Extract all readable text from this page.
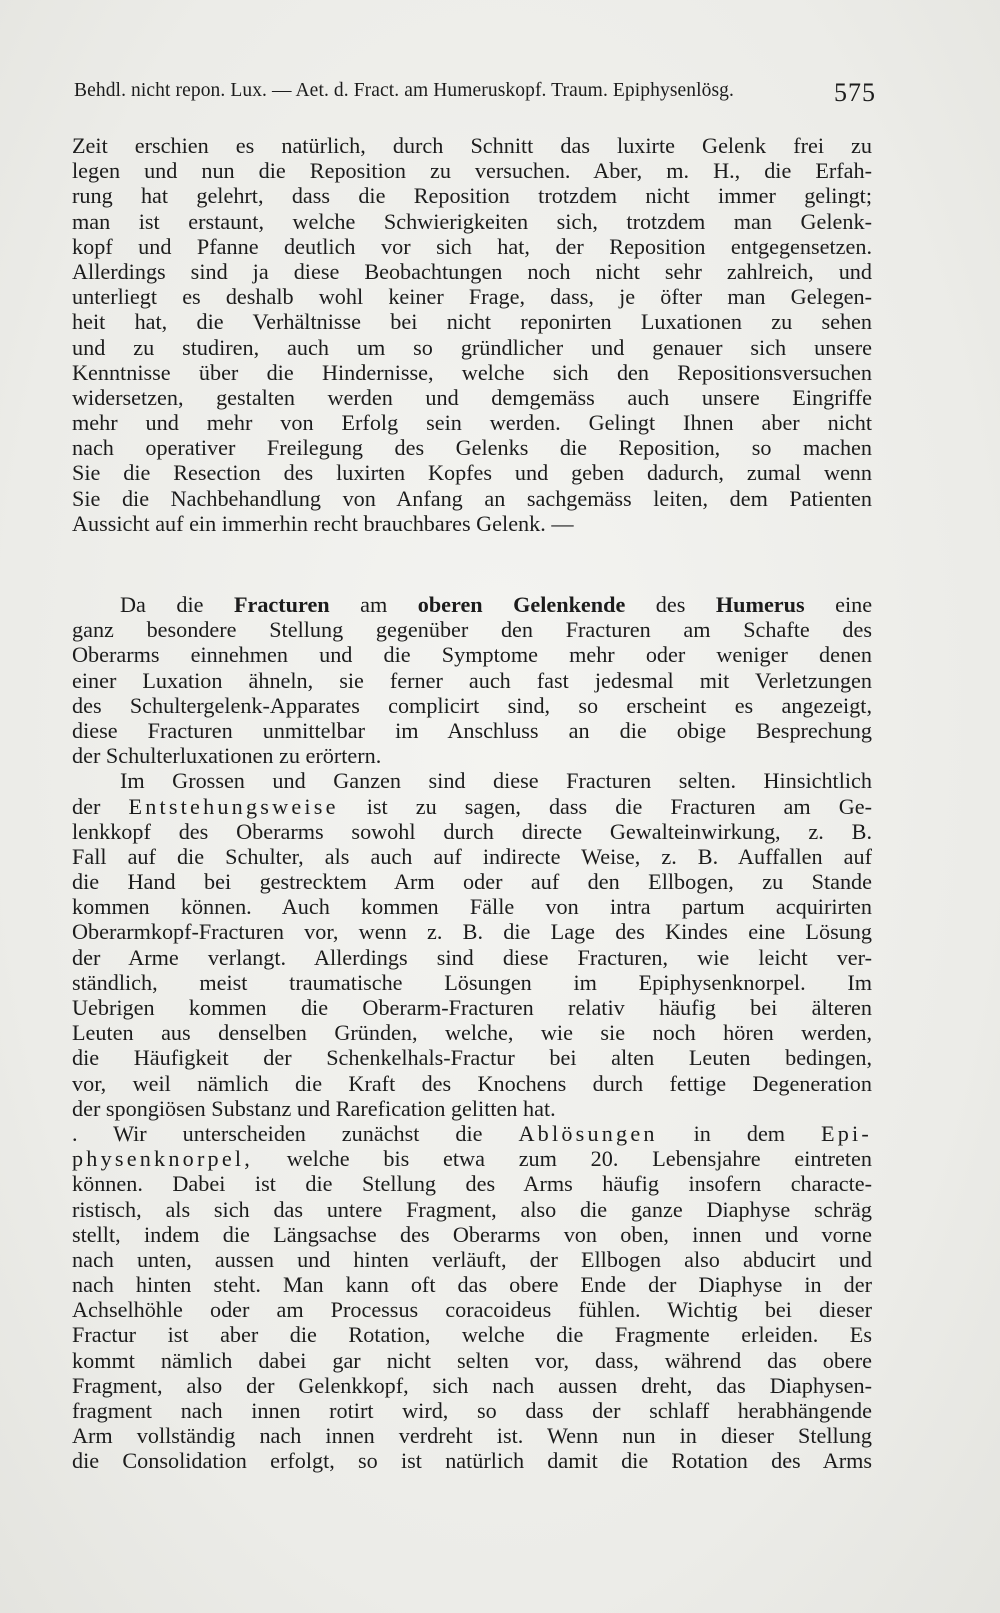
Behdl. nicht repon. Lux. — Aet. d. Fract. am Humeruskopf. Traum. Epiphysenlösg.	575
Zeit erschien es natürlich, durch Schnitt das luxirte Gelenk frei zu
legen und nun die Reposition zu versuchen. Aber, m. H., die Erfah-
rung hat gelehrt, dass die Reposition trotzdem nicht immer gelingt;
man ist erstaunt, welche Schwierigkeiten sich, trotzdem man Gelenk-
kopf und Pfanne deutlich vor sich hat, der Reposition entgegensetzen.
Allerdings sind ja diese Beobachtungen noch nicht sehr zahlreich, und
unterliegt es deshalb wohl keiner Frage, dass, je öfter man Gelegen-
heit hat, die Verhältnisse bei nicht reponirten Luxationen zu sehen
und zu studiren, auch um so gründlicher und genauer sich unsere
Kenntnisse über die Hindernisse, welche sich den Repositionsversuchen
widersetzen, gestalten werden und demgemäss auch unsere Eingriffe
mehr und mehr von Erfolg sein werden. Gelingt Ihnen aber nicht
nach operativer Freilegung des Gelenks die Reposition, so machen
Sie die Resection des luxirten Kopfes und geben dadurch, zumal wenn
Sie die Nachbehandlung von Anfang an sachgemäss leiten, dem Patienten
Aussicht auf ein immerhin recht brauchbares Gelenk. —
Da die Fracturen am oberen Gelenkende des Humerus eine
ganz besondere Stellung gegenüber den Fracturen am Schafte des
Oberarms einnehmen und die Symptome mehr oder weniger denen
einer Luxation ähneln, sie ferner auch fast jedesmal mit Verletzungen
des Schultergelenk-Apparates complicirt sind, so erscheint es angezeigt,
diese Fracturen unmittelbar im Anschluss an die obige Besprechung
der Schulterluxationen zu erörtern.
Im Grossen und Ganzen sind diese Fracturen selten. Hinsichtlich
der Entstehungsweise ist zu sagen, dass die Fracturen am Ge-
lenkkopf des Oberarms sowohl durch directe Gewalteinwirkung, z. B.
Fall auf die Schulter, als auch auf indirecte Weise, z. B. Auffallen auf
die Hand bei gestrecktem Arm oder auf den Ellbogen, zu Stande
kommen können. Auch kommen Fälle von intra partum acquirirten
Oberarmkopf-Fracturen vor, wenn z. B. die Lage des Kindes eine Lösung
der Arme verlangt. Allerdings sind diese Fracturen, wie leicht ver-
ständlich, meist traumatische Lösungen im Epiphysenknorpel. Im
Uebrigen kommen die Oberarm-Fracturen relativ häufig bei älteren
Leuten aus denselben Gründen, welche, wie sie noch hören werden,
die Häufigkeit der Schenkelhals-Fractur bei alten Leuten bedingen,
vor, weil nämlich die Kraft des Knochens durch fettige Degeneration
der spongiösen Substanz und Rarefication gelitten hat.
. Wir unterscheiden zunächst die Ablösungen in dem Epi-
physenknorpel, welche bis etwa zum 20. Lebensjahre eintreten
können. Dabei ist die Stellung des Arms häufig insofern characte-
ristisch, als sich das untere Fragment, also die ganze Diaphyse schräg
stellt, indem die Längsachse des Oberarms von oben, innen und vorne
nach unten, aussen und hinten verläuft, der Ellbogen also abducirt und
nach hinten steht. Man kann oft das obere Ende der Diaphyse in der
Achselhöhle oder am Processus coracoideus fühlen. Wichtig bei dieser
Fractur ist aber die Rotation, welche die Fragmente erleiden. Es
kommt nämlich dabei gar nicht selten vor, dass, während das obere
Fragment, also der Gelenkkopf, sich nach aussen dreht, das Diaphysen-
fragment nach innen rotirt wird, so dass der schlaff herabhängende
Arm vollständig nach innen verdreht ist. Wenn nun in dieser Stellung
die Consolidation erfolgt, so ist natürlich damit die Rotation des Arms
